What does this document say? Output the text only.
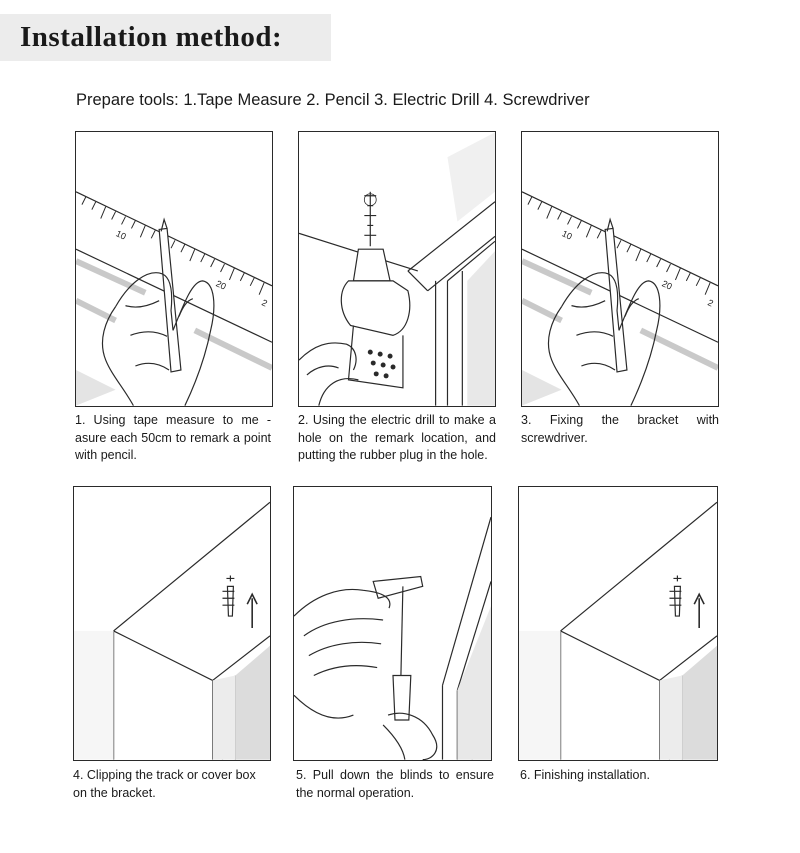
Installation method:
Prepare tools: 1.Tape Measure 2. Pencil 3. Electric Drill 4. Screwdriver
10
20
2
1. Using tape measure to me -asure each 50cm to remark a point with pencil.
2. Using the electric drill to make a hole on the remark location, and putting the rubber plug in the hole.
10
20
2
3. Fixing the bracket with screwdriver.
4. Clipping the track or cover box on the bracket.
5. Pull down the blinds to ensure the normal operation.
6. Finishing installation.
